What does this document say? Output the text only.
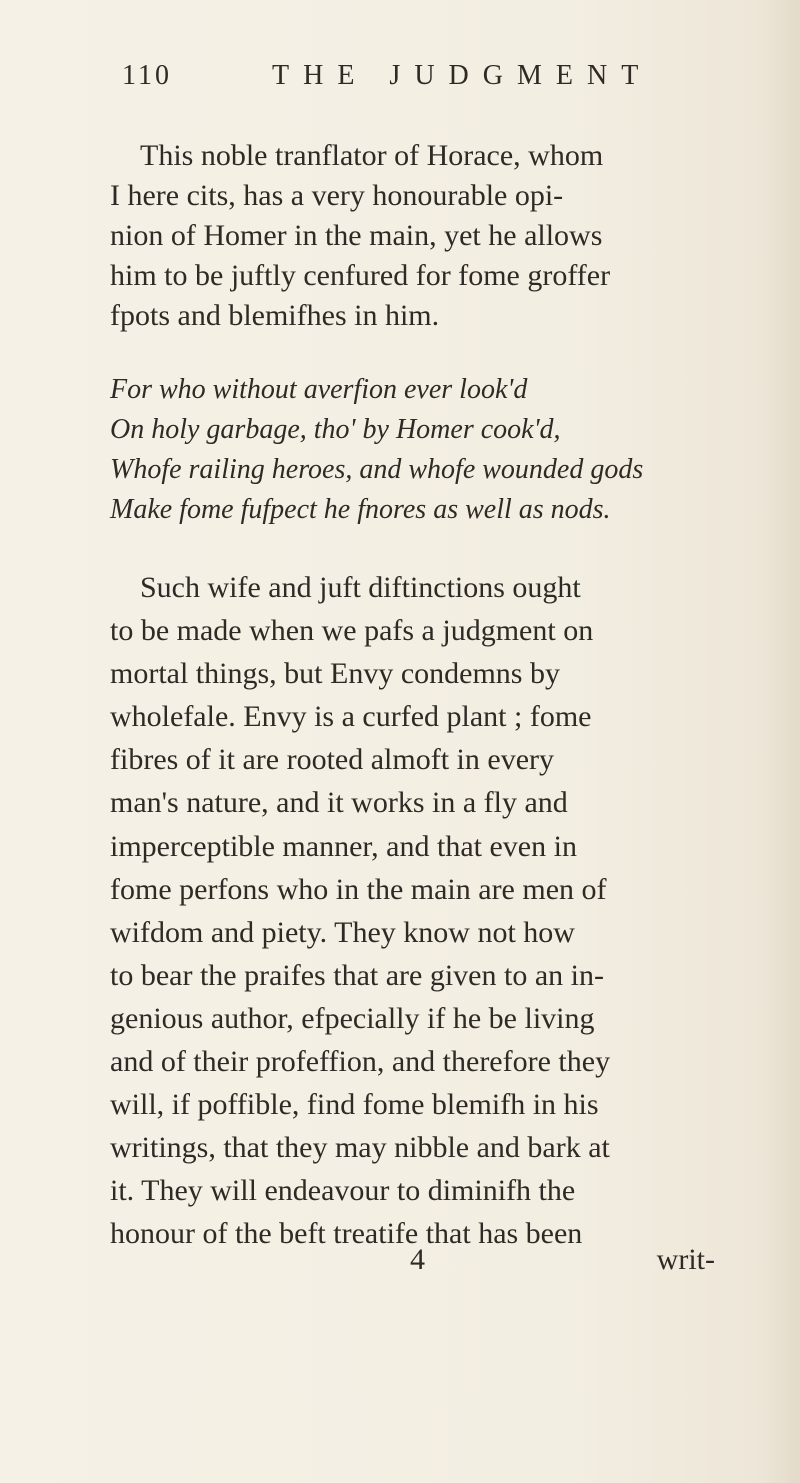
110	THE JUDGMENT
This noble tranflator of Horace, whom
I here cits, has a very honourable opi-
nion of Homer in the main, yet he allows
him to be juftly cenfured for fome groffer
fpots and blemifhes in him.
For who without averfion ever look'd
On holy garbage, tho' by Homer cook'd,
Whofe railing heroes, and whofe wounded gods
Make fome fufpect he fnores as well as nods.
Such wife and juft diftinctions ought
to be made when we pafs a judgment on
mortal things, but Envy condemns by
wholefale. Envy is a curfed plant ; fome
fibres of it are rooted almoft in every
man's nature, and it works in a fly and
imperceptible manner, and that even in
fome perfons who in the main are men of
wifdom and piety. They know not how
to bear the praifes that are given to an in-
genious author, efpecially if he be living
and of their profeffion, and therefore they
will, if poffible, find fome blemifh in his
writings, that they may nibble and bark at
it. They will endeavour to diminifh the
honour of the beft treatife that has been
4	writ-
